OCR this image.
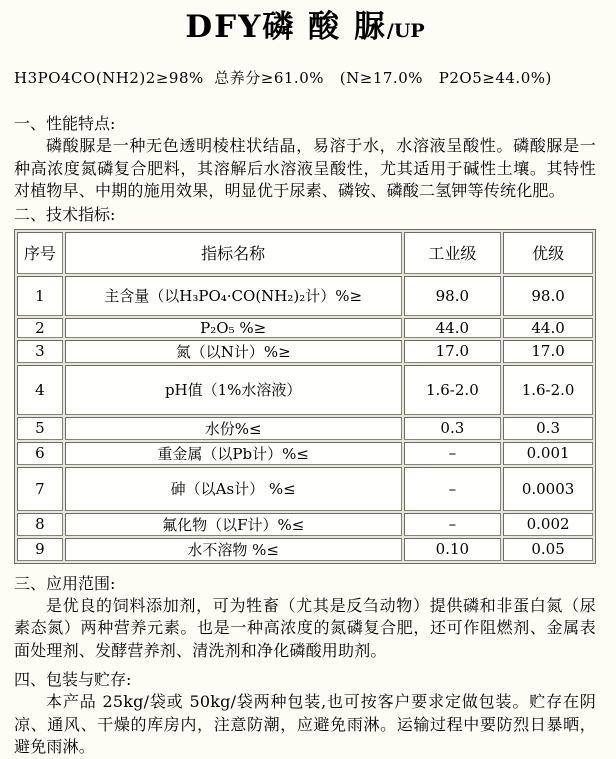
DFY磷 酸 脲/UP

H3PO4CO(NH2)2≥98%  总养分≥61.0%   (N≥17.0%   P2O5≥44.0%)

一、性能特点:

磷酸脲是一种无色透明棱柱状结晶，易溶于水，水溶液呈酸性。磷酸脲是一种高浓度氮磷复合肥料，其溶解后水溶液呈酸性，尤其适用于碱性土壤。其特性对植物早、中期的施用效果，明显优于尿素、磷铵、磷酸二氢钾等传统化肥。

二、技术指标:
序号	指标名称	工业级	优级
1	主含量（以H₃PO₄·CO(NH₂)₂计）%≥	98.0	98.0
2	P₂O₅ %≥	44.0	44.0
3	氮（以N计）%≥	17.0	17.0
4	pH值（1%水溶液）	1.6-2.0	1.6-2.0
5	水份%≤	0.3	0.3
6	重金属（以Pb计）%≤	–	0.001
7	砷（以As计） %≤	–	0.0003
8	氟化物（以F计）%≤	–	0.002
9	水不溶物 %≤	0.10	0.05
三、应用范围:

是优良的饲料添加剂，可为牲畜（尤其是反刍动物）提供磷和非蛋白氮（尿素态氮）两种营养元素。也是一种高浓度的氮磷复合肥，还可作阻燃剂、金属表面处理剂、发酵营养剂、清洗剂和净化磷酸用助剂。

四、包装与贮存:

本产品 25kg/袋或 50kg/袋两种包装,也可按客户要求定做包装。贮存在阴凉、通风、干燥的库房内，注意防潮，应避免雨淋。运输过程中要防烈日暴晒，避免雨淋。
